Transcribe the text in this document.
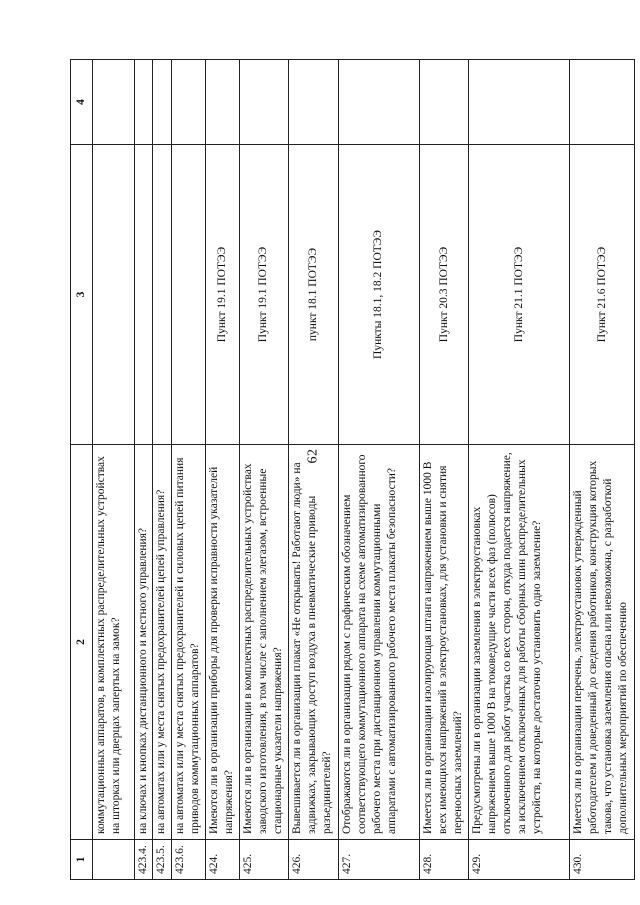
62
1	2	3	4
	коммутационных аппаратов, в комплектных распределительных устройствах на шторках или дверцах запертых на замок?		
423.4.	на ключах и кнопках дистанционного и местного управления?		
423.5.	на автоматах или у места снятых предохранителей цепей управления?		
423.6.	на автоматах или у места снятых предохранителей и силовых цепей питания приводов коммутационных аппаратов?		
424.	Имеются ли в организации приборы для проверки исправности указателей напряжения?	Пункт 19.1 ПОТЭЭ	
425.	Имеются ли в организации в комплектных распределительных устройствах заводского изготовления, в том числе с заполнением элегазом, встроенные стационарные указатели напряжения?	Пункт 19.1 ПОТЭЭ	
426.	Вывешивается ли в организации плакат «Не открывать! Работают люди» на задвижках, закрывающих доступ воздуха в пневматические приводы разъединителей?	пункт 18.1 ПОТЭЭ	
427.	Отображаются ли в организации рядом с графическим обозначением соответствующего коммутационного аппарата на схеме автоматизированного рабочего места при дистанционном управлении коммутационными аппаратами с автоматизированного рабочего места плакаты безопасности?	Пункты 18.1, 18.2 ПОТЭЭ	
428.	Имеется ли в организации изолирующая штанга напряжением выше 1000 В всех имеющихся напряжений в электроустановках, для установки и снятия переносных заземлений?	Пункт 20.3 ПОТЭЭ	
429.	Предусмотрены ли в организации заземления в электроустановках напряжением выше 1000 В на токоведущие части всех фаз (полюсов) отключенного для работ участка со всех сторон, откуда подается напряжение, за исключением отключенных для работы сборных шин распределительных устройств, на которые достаточно установить одно заземление?	Пункт 21.1 ПОТЭЭ	
430.	Имеется ли в организации перечень, электроустановок утвержденный работодателем и доведенный до сведения работников, конструкция которых такова, что установка заземления опасна или невозможна, с разработкой дополнительных мероприятий по обеспечению	Пункт 21.6 ПОТЭЭ	
